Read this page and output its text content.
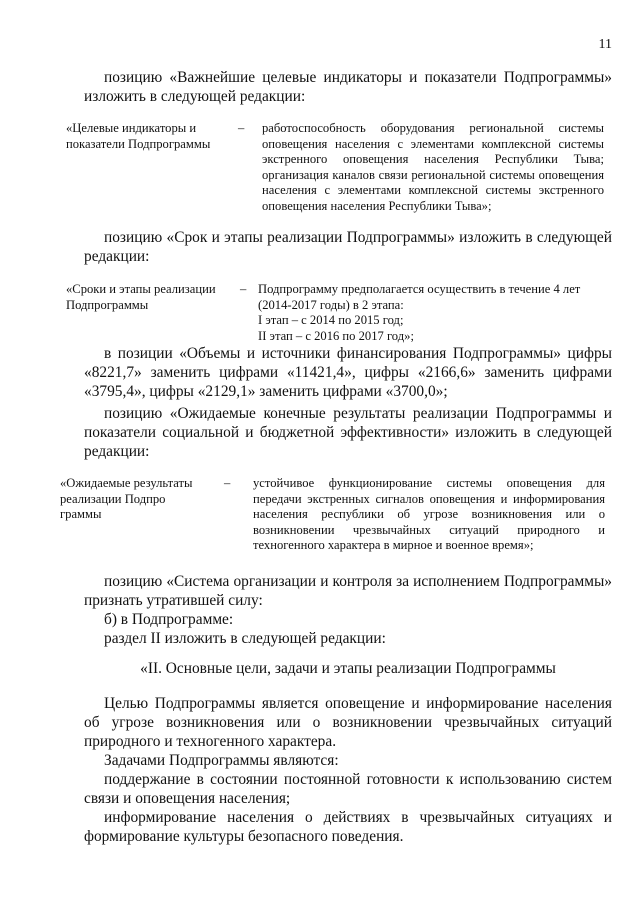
11
позицию «Важнейшие целевые индикаторы и показатели Подпрограммы» изложить в следующей редакции:
«Целевые индикаторы и
показатели Подпрограммы
– работоспособность оборудования региональной системы оповещения населения с элементами комплексной системы экстренного оповещения населения Республики Тыва; организация каналов связи региональной системы оповещения населения с элементами комплексной системы экстренного оповещения населения Республики Тыва»;
позицию «Срок и этапы реализации Подпрограммы» изложить в следующей редакции:
«Сроки и этапы реализации
Подпрограммы
– Подпрограмму предполагается осуществить в течение 4 лет
(2014-2017 годы) в 2 этапа:
I этап – с 2014 по 2015 год;
II этап – с 2016 по 2017 год»;
в позиции «Объемы и источники финансирования Подпрограммы» цифры «8221,7» заменить цифрами «11421,4», цифры «2166,6» заменить цифрами «3795,4», цифры «2129,1» заменить цифрами «3700,0»;
позицию «Ожидаемые конечные результаты реализации Подпрограммы и показатели социальной и бюджетной эффективности» изложить в следующей редакции:
«Ожидаемые результаты
реализации Подпро
граммы
– устойчивое функционирование системы оповещения для передачи экстренных сигналов оповещения и информирования населения республики об угрозе возникновения или о возникновении чрезвычайных ситуаций природного и техногенного характера в мирное и военное время»;
позицию «Система организации и контроля за исполнением Подпрограммы» признать утратившей силу:
б) в Подпрограмме:
раздел II изложить в следующей редакции:
«II. Основные цели, задачи и этапы реализации Подпрограммы
Целью Подпрограммы является оповещение и информирование населения об угрозе возникновения или о возникновении чрезвычайных ситуаций природного и техногенного характера.
Задачами Подпрограммы являются:
поддержание в состоянии постоянной готовности к использованию систем связи и оповещения населения;
информирование населения о действиях в чрезвычайных ситуациях и формирование культуры безопасного поведения.
